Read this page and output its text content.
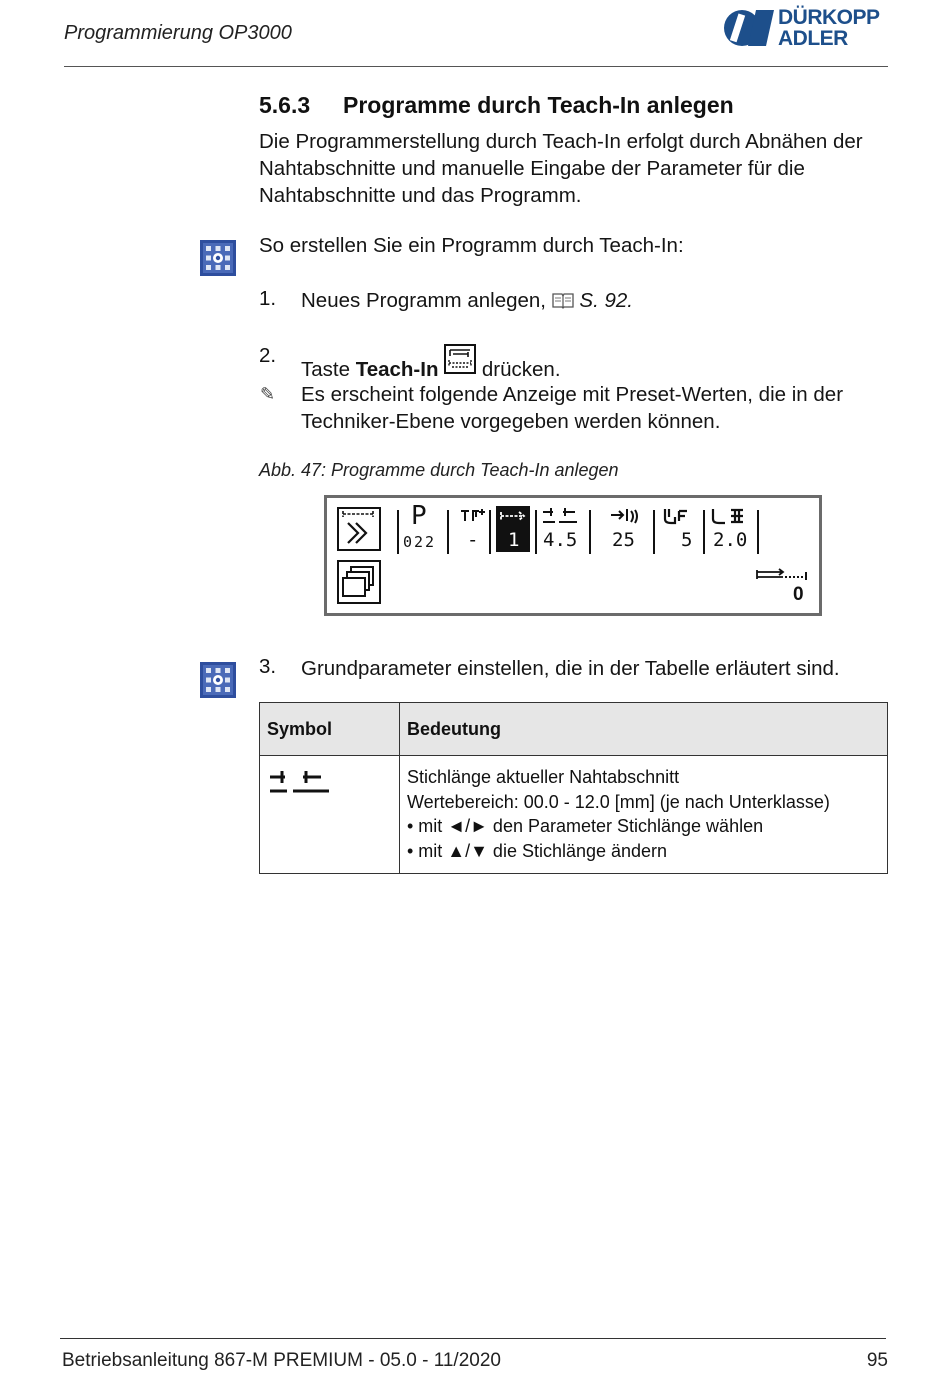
Programmierung OP3000
DÜRKOPP
ADLER
5.6.3 Programme durch Teach-In anlegen
Die Programmerstellung durch Teach-In erfolgt durch Abnähen der Nahtabschnitte und manuelle Eingabe der Parameter für die Nahtabschnitte und das Programm.
So erstellen Sie ein Programm durch Teach-In:
1. Neues Programm anlegen,  S. 92.
2.
Taste Teach-In  drücken.
✎ Es erscheint folgende Anzeige mit Preset-Werten, die in der Techniker-Ebene vorgegeben werden können.
Abb. 47: Programme durch Teach-In anlegen
P
022 - 1 4.5 25 5 2.0
0
3. Grundparameter einstellen, die in der Tabelle erläutert sind.
Symbol	Bedeutung

Stichlänge aktueller Nahtabschnitt
Wertebereich: 00.0 - 12.0 [mm] (je nach Unterklasse)
• mit ◄/► den Parameter Stichlänge wählen
• mit ▲/▼ die Stichlänge ändern
Betriebsanleitung 867-M PREMIUM - 05.0 - 11/2020	95
